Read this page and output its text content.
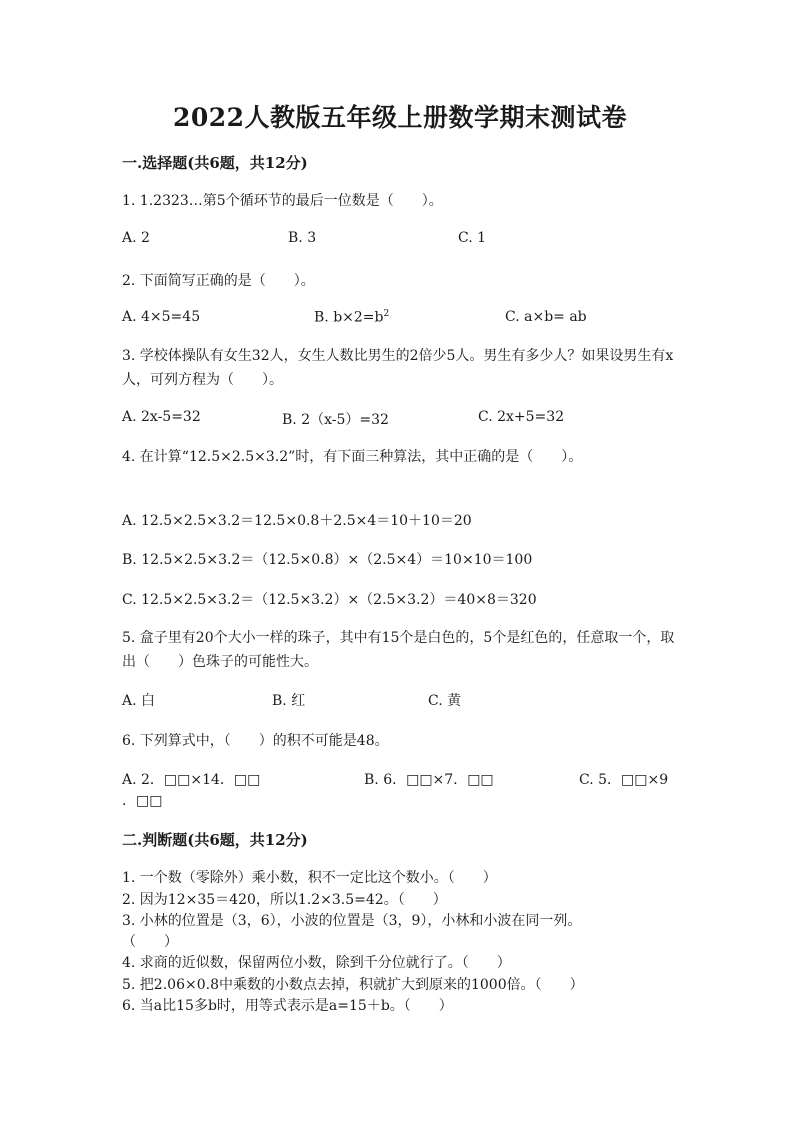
2022人教版五年级上册数学期末测试卷
一.选择题(共6题，共12分)
1. 1.2323…第5个循环节的最后一位数是（　　）。
A. 2	B. 3	C. 1
2. 下面简写正确的是（　　）。
A. 4×5=45	B. $b\times 2=b^2$	C. a×b= ab
3. 学校体操队有女生32人，女生人数比男生的2倍少5人。男生有多少人？如果设男生有x人，可列方程为（　　）。
A. 2x-5=32	B. 2（x-5）=32	C. 2x+5=32
4. 在计算“12.5×2.5×3.2”时，有下面三种算法，其中正确的是（　　）。
A. 12.5×2.5×3.2＝12.5×0.8＋2.5×4＝10＋10＝20
B. 12.5×2.5×3.2＝（12.5×0.8）×（2.5×4）＝10×10＝100
C. 12.5×2.5×3.2＝（12.5×3.2）×（2.5×3.2）＝40×8＝320
5. 盒子里有20个大小一样的珠子，其中有15个是白色的，5个是红色的，任意取一个，取出（　　）色珠子的可能性大。
A. 白	B. 红	C. 黄
6. 下列算式中，（　　）的积不可能是48。
A. 2．□□×14．□□	B. 6．□□×7．□□	C. 5．□□×9
．□□
二.判断题(共6题，共12分)
1. 一个数（零除外）乘小数，积不一定比这个数小。（　　）
2. 因为12×35＝420，所以1.2×3.5=42。（　　）
3. 小林的位置是（3，6），小波的位置是（3，9），小林和小波在同一列。
（　　）
4. 求商的近似数，保留两位小数，除到千分位就行了。（　　）
5. 把2.06×0.8中乘数的小数点去掉，积就扩大到原来的1000倍。（　　）
6. 当a比15多b时，用等式表示是a=15＋b。（　　）
